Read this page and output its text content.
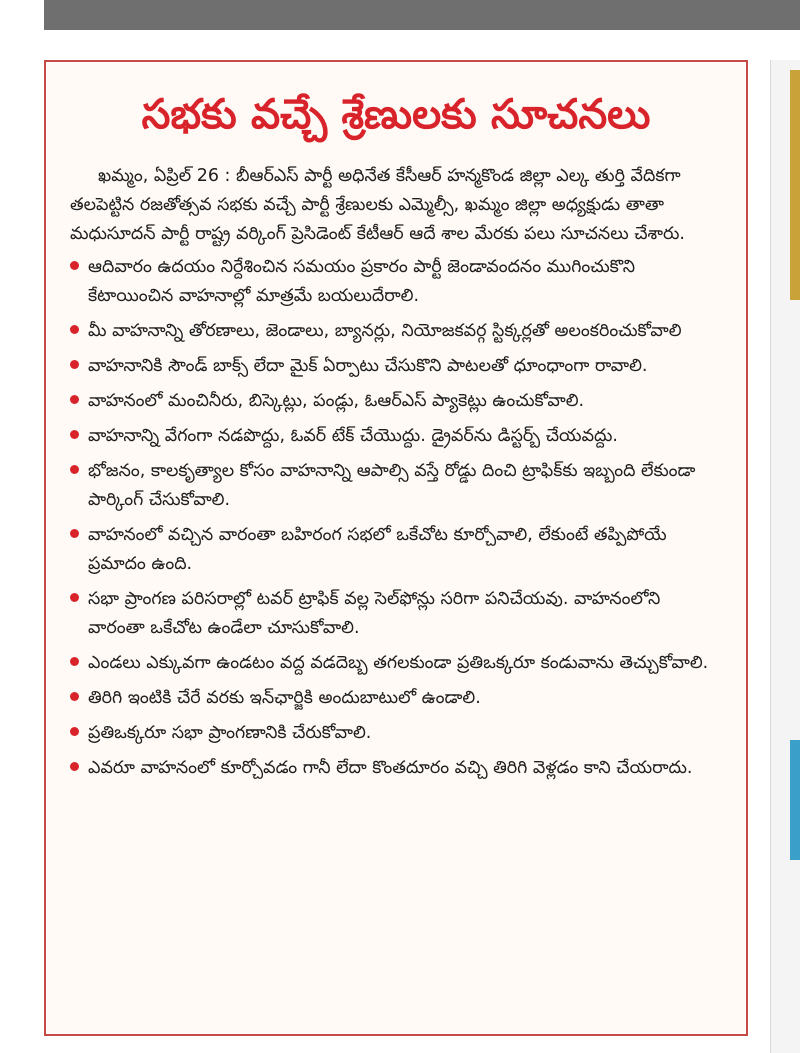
సభకు వచ్చే శ్రేణులకు సూచనలు

ఖమ్మం, ఏప్రిల్ 26 : బీఆర్ఎస్ పార్టీ అధినేత కేసీఆర్ హన్మకొండ జిల్లా ఎల్క తుర్తి వేదికగా తలపెట్టిన రజతోత్సవ సభకు వచ్చే పార్టీ శ్రేణులకు ఎమ్మెల్సీ, ఖమ్మం జిల్లా అధ్యక్షుడు తాతా మధుసూదన్ పార్టీ రాష్ట్ర వర్కింగ్ ప్రెసిడెంట్ కేటీఆర్ ఆదే శాల మేరకు పలు సూచనలు చేశారు.

ఆదివారం ఉదయం నిర్దేశించిన సమయం ప్రకారం పార్టీ జెండావందనం ముగించుకొని కేటాయించిన వాహనాల్లో మాత్రమే బయలుదేరాలి.
మీ వాహనాన్ని తోరణాలు, జెండాలు, బ్యానర్లు, నియోజకవర్గ స్టిక్కర్లతో అలంకరించుకోవాలి
వాహనానికి సౌండ్ బాక్స్ లేదా మైక్ ఏర్పాటు చేసుకొని పాటలతో ధూంధాంగా రావాలి.
వాహనంలో మంచినీరు, బిస్కెట్లు, పండ్లు, ఓఆర్ఎస్ ప్యాకెట్లు ఉంచుకోవాలి.
వాహనాన్ని వేగంగా నడపొద్దు, ఓవర్ టేక్ చేయొద్దు. డ్రైవర్‌ను డిస్టర్బ్ చేయవద్దు.
భోజనం, కాలకృత్యాల కోసం వాహనాన్ని ఆపాల్సి వస్తే రోడ్డు దించి ట్రాఫిక్‌కు ఇబ్బంది లేకుండా పార్కింగ్ చేసుకోవాలి.
వాహనంలో వచ్చిన వారంతా బహిరంగ సభలో ఒకేచోట కూర్చోవాలి, లేకుంటే తప్పిపోయే ప్రమాదం ఉంది.
సభా ప్రాంగణ పరిసరాల్లో టవర్ ట్రాఫిక్ వల్ల సెల్‌ఫోన్లు సరిగా పనిచేయవు. వాహనంలోని వారంతా ఒకేచోట ఉండేలా చూసుకోవాలి.
ఎండలు ఎక్కువగా ఉండటం వద్ద వడదెబ్బ తగలకుండా ప్రతిఒక్కరూ కండువాను తెచ్చుకోవాలి.
తిరిగి ఇంటికి చేరే వరకు ఇన్‌ఛార్జికి అందుబాటులో ఉండాలి.
ప్రతిఒక్కరూ సభా ప్రాంగణానికి చేరుకోవాలి.
ఎవరూ వాహనంలో కూర్చోవడం గానీ లేదా కొంతదూరం వచ్చి తిరిగి వెళ్లడం కాని చేయరాదు.
